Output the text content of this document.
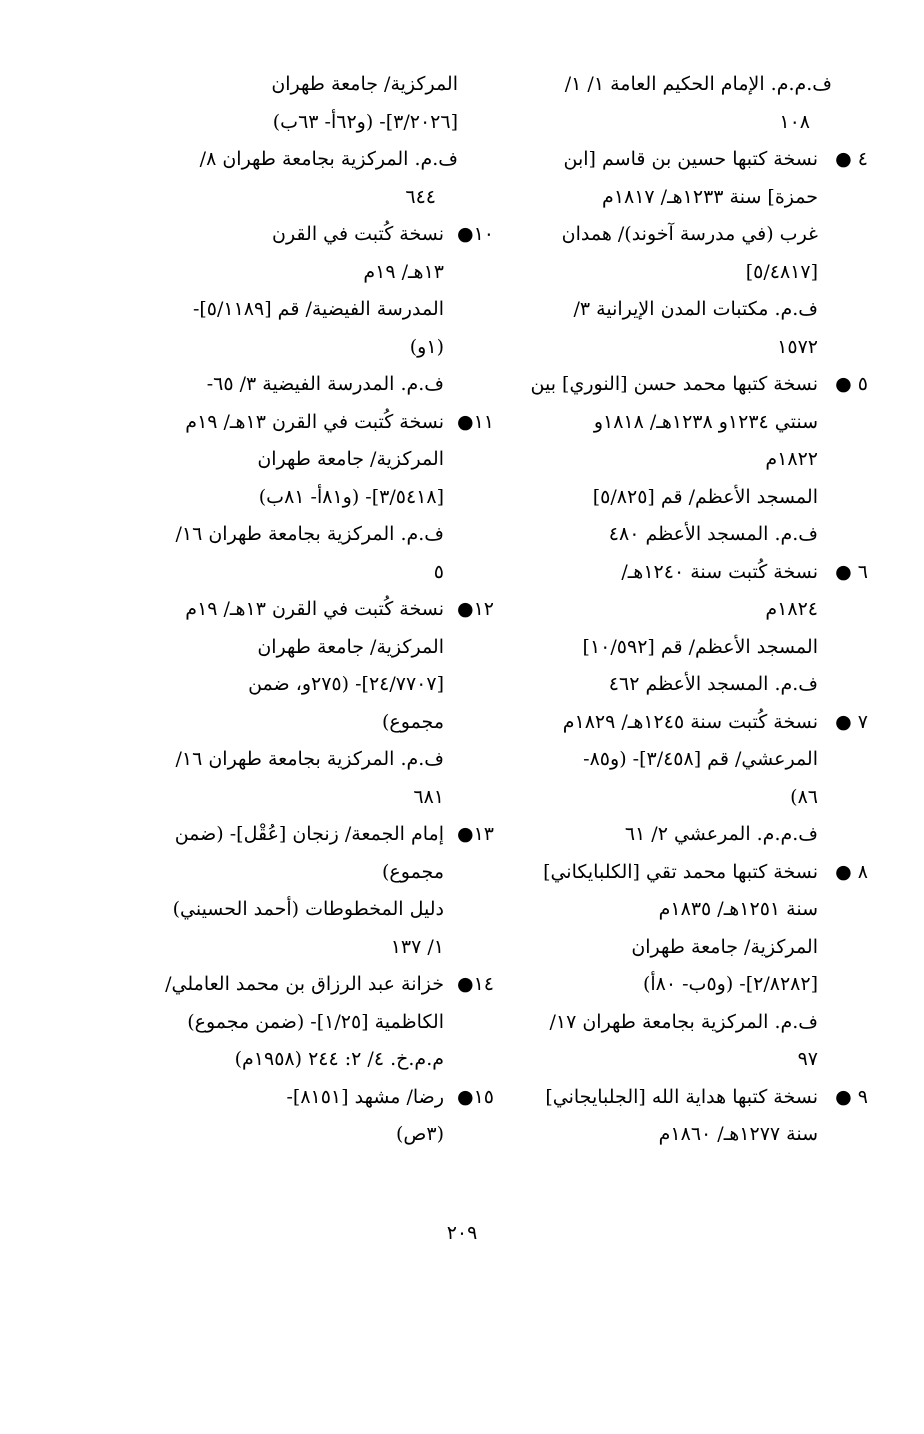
ف.م.م. الإمام الحكيم العامة ١/ ١/
١٠٨
٤ ●
نسخة كتبها حسين بن قاسم [ابن
حمزة] سنة ١٢٣٣هـ/ ١٨١٧م
غرب (في مدرسة آخوند)/ همدان
[٥/٤٨١٧]
ف.م. مكتبات المدن الإيرانية ٣/
١٥٧٢
٥ ●
نسخة كتبها محمد حسن [النوري] بين
سنتي ١٢٣٤و ١٢٣٨هـ/ ١٨١٨و
١٨٢٢م
المسجد الأعظم/ قم [٥/٨٢٥]
ف.م. المسجد الأعظم ٤٨٠
٦ ●
نسخة كُتبت سنة ١٢٤٠هـ/
١٨٢٤م
المسجد الأعظم/ قم [١٠/٥٩٢]
ف.م. المسجد الأعظم ٤٦٢
٧ ●
نسخة كُتبت سنة ١٢٤٥هـ/ ١٨٢٩م
المرعشي/ قم [٣/٤٥٨]- (و٨٥-
٨٦)
ف.م.م. المرعشي ٢/ ٦١
٨ ●
نسخة كتبها محمد تقي [الكلبايكاني]
سنة ١٢٥١هـ/ ١٨٣٥م
المركزية/ جامعة طهران
[٢/٨٢٨٢]- (و٥ب- ٨٠أ)
ف.م. المركزية بجامعة طهران ١٧/
٩٧
٩ ●
نسخة كتبها هداية الله [الجلبايجاني]
سنة ١٢٧٧هـ/ ١٨٦٠م
المركزية/ جامعة طهران
[٣/٢٠٢٦]- (و٦٢أ- ٦٣ب)
ف.م. المركزية بجامعة طهران ٨/
٦٤٤
١٠●
نسخة كُتبت في القرن
١٣هـ/ ١٩م
المدرسة الفيضية/ قم [٥/١١٨٩]-
(١و)
ف.م. المدرسة الفيضية ٣/ ٦٥-
١١●
نسخة كُتبت في القرن ١٣هـ/ ١٩م
المركزية/ جامعة طهران
[٣/٥٤١٨]- (و٨١أ- ٨١ب)
ف.م. المركزية بجامعة طهران ١٦/
٥
١٢●
نسخة كُتبت في القرن ١٣هـ/ ١٩م
المركزية/ جامعة طهران
[٢٤/٧٧٠٧]- (٢٧٥و، ضمن
مجموع)
ف.م. المركزية بجامعة طهران ١٦/
٦٨١
١٣●
إمام الجمعة/ زنجان [عُقْل]- (ضمن
مجموع)
دليل المخطوطات (أحمد الحسيني)
١/ ١٣٧
١٤●
خزانة عبد الرزاق بن محمد العاملي/
الكاظمية [١/٢٥]- (ضمن مجموع)
م.م.خ. ٤/ ٢: ٢٤٤ (١٩٥٨م)
١٥●
رضا/ مشهد [٨١٥١]-
(٣ص)
٢٠٩
